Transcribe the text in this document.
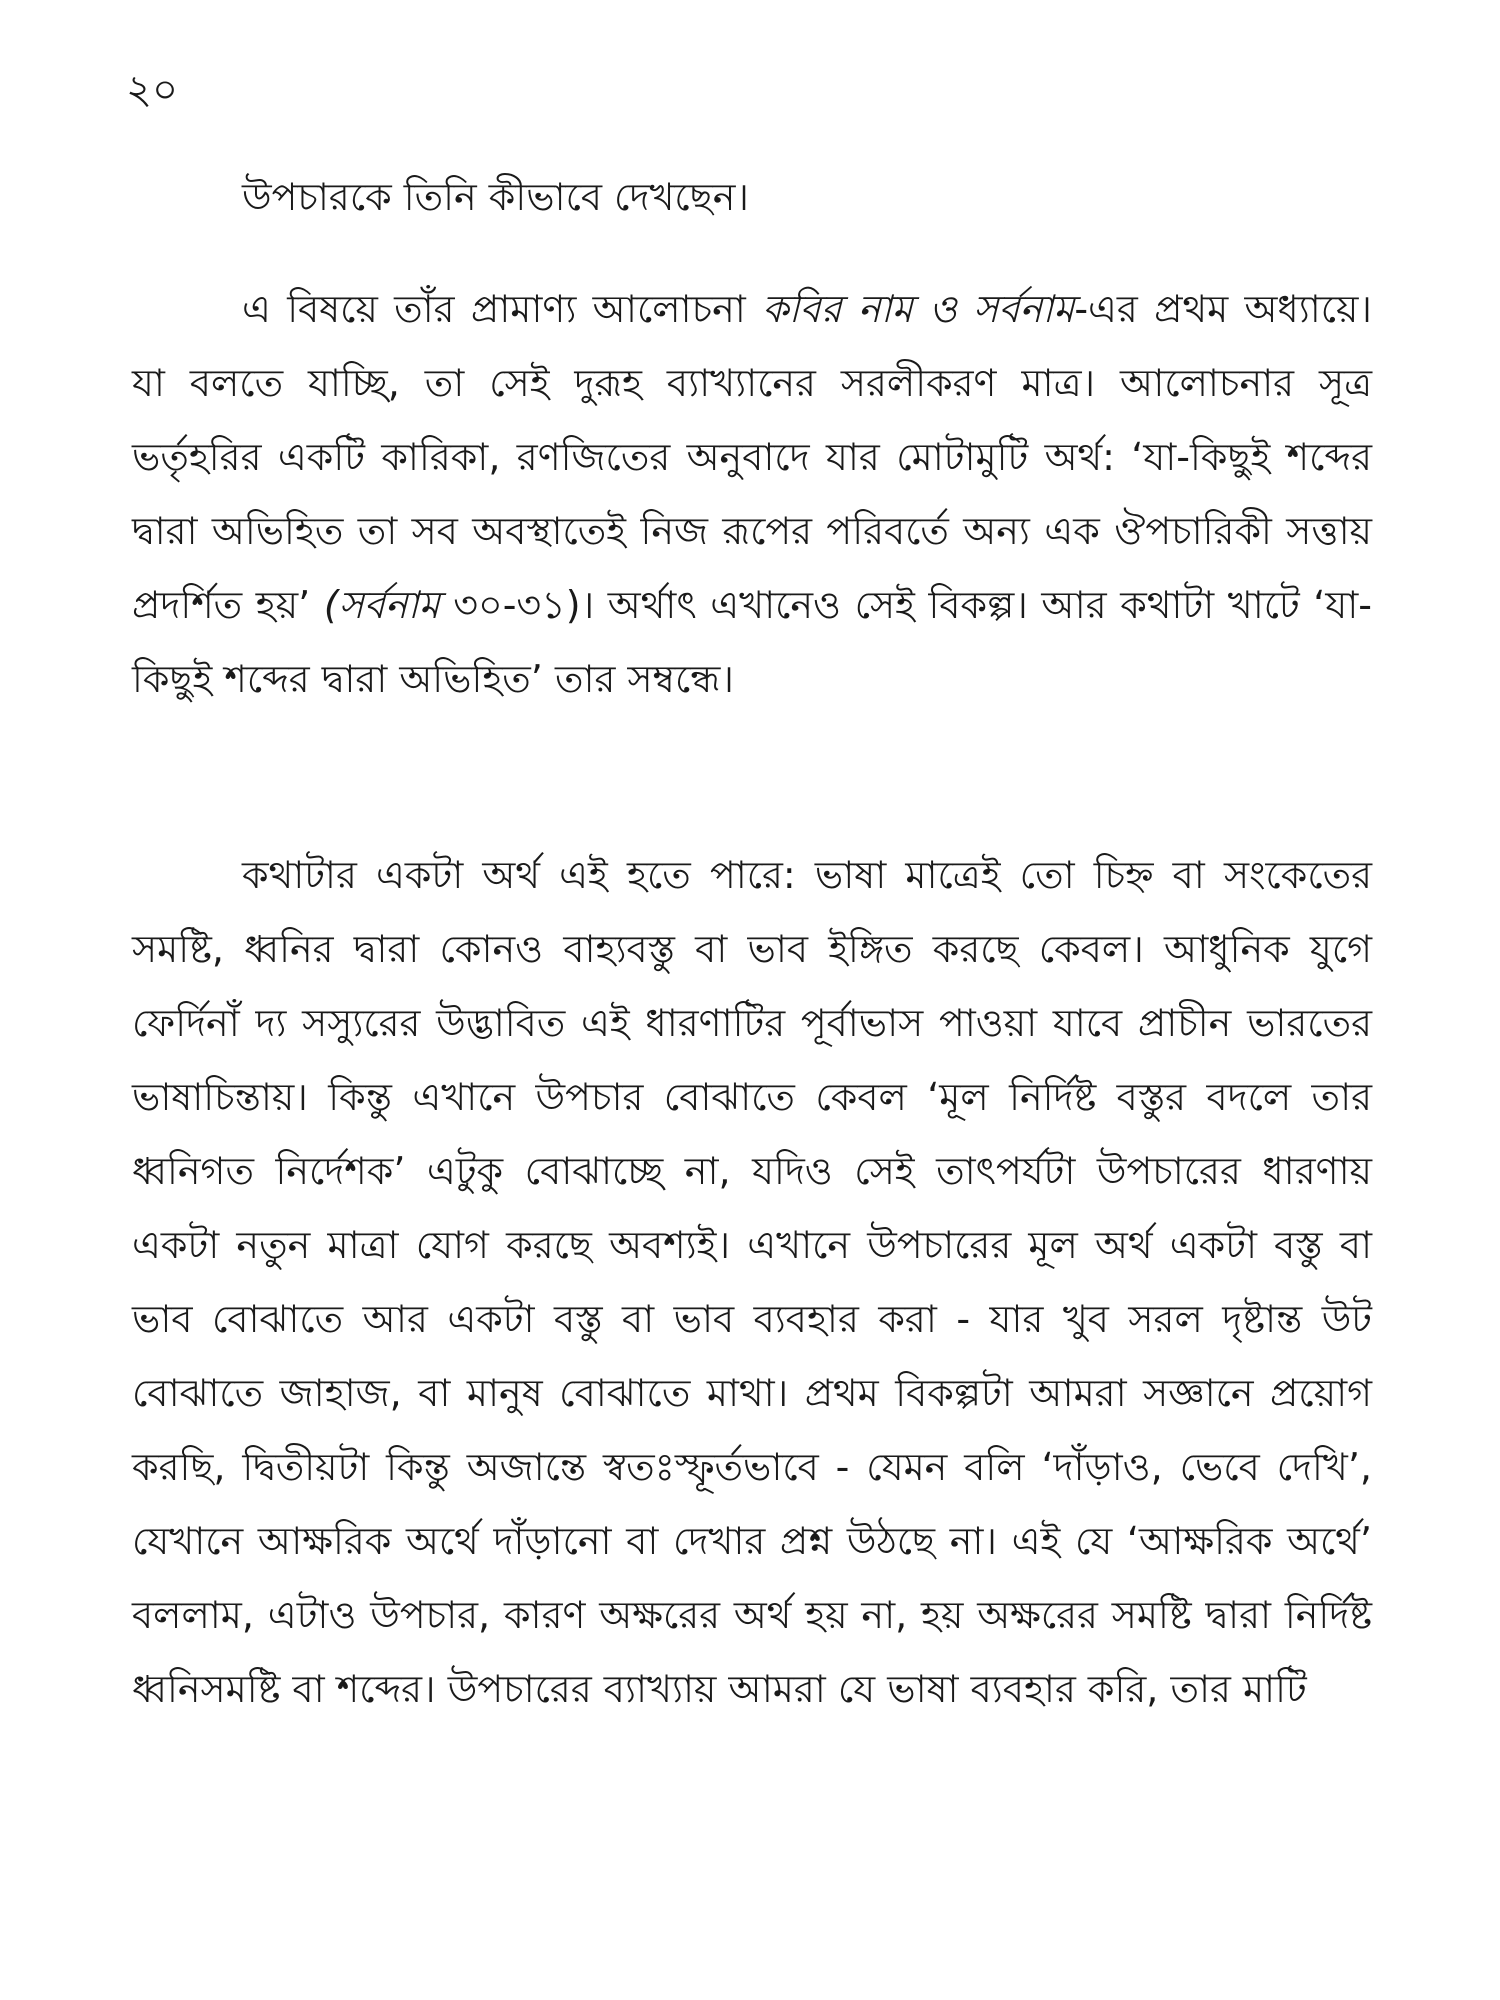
২০

উপচারকে তিনি কীভাবে দেখছেন।

এ বিষয়ে তাঁর প্রামাণ্য আলোচনা কবির নাম ও সর্বনাম-এর প্রথম অধ্যায়ে। যা বলতে যাচ্ছি, তা সেই দুরূহ ব্যাখ্যানের সরলীকরণ মাত্র। আলোচনার সূত্র ভর্তৃহরির একটি কারিকা, রণজিতের অনুবাদে যার মোটামুটি অর্থ: ‘যা-কিছুই শব্দের দ্বারা অভিহিত তা সব অবস্থাতেই নিজ রূপের পরিবর্তে অন্য এক ঔপচারিকী সত্তায় প্রদর্শিত হয়’ (সর্বনাম ৩০-৩১)। অর্থাৎ এখানেও সেই বিকল্প। আর কথাটা খাটে ‘যা-কিছুই শব্দের দ্বারা অভিহিত’ তার সম্বন্ধে।

কথাটার একটা অর্থ এই হতে পারে: ভাষা মাত্রেই তো চিহ্ন বা সংকেতের সমষ্টি, ধ্বনির দ্বারা কোনও বাহ্যবস্তু বা ভাব ইঙ্গিত করছে কেবল। আধুনিক যুগে ফের্দিনাঁ দ্য সস্যুরের উদ্ভাবিত এই ধারণাটির পূর্বাভাস পাওয়া যাবে প্রাচীন ভারতের ভাষাচিন্তায়। কিন্তু এখানে উপচার বোঝাতে কেবল ‘মূল নির্দিষ্ট বস্তুর বদলে তার ধ্বনিগত নির্দেশক’ এটুকু বোঝাচ্ছে না, যদিও সেই তাৎপর্যটা উপচারের ধারণায় একটা নতুন মাত্রা যোগ করছে অবশ্যই। এখানে উপচারের মূল অর্থ একটা বস্তু বা ভাব বোঝাতে আর একটা বস্তু বা ভাব ব্যবহার করা - যার খুব সরল দৃষ্টান্ত উট বোঝাতে জাহাজ, বা মানুষ বোঝাতে মাথা। প্রথম বিকল্পটা আমরা সজ্ঞানে প্রয়োগ করছি, দ্বিতীয়টা কিন্তু অজান্তে স্বতঃস্ফূর্তভাবে - যেমন বলি ‘দাঁড়াও, ভেবে দেখি’, যেখানে আক্ষরিক অর্থে দাঁড়ানো বা দেখার প্রশ্ন উঠছে না। এই যে ‘আক্ষরিক অর্থে’ বললাম, এটাও উপচার, কারণ অক্ষরের অর্থ হয় না, হয় অক্ষরের সমষ্টি দ্বারা নির্দিষ্ট ধ্বনিসমষ্টি বা শব্দের। উপচারের ব্যাখ্যায় আমরা যে ভাষা ব্যবহার করি, তার মাটি
